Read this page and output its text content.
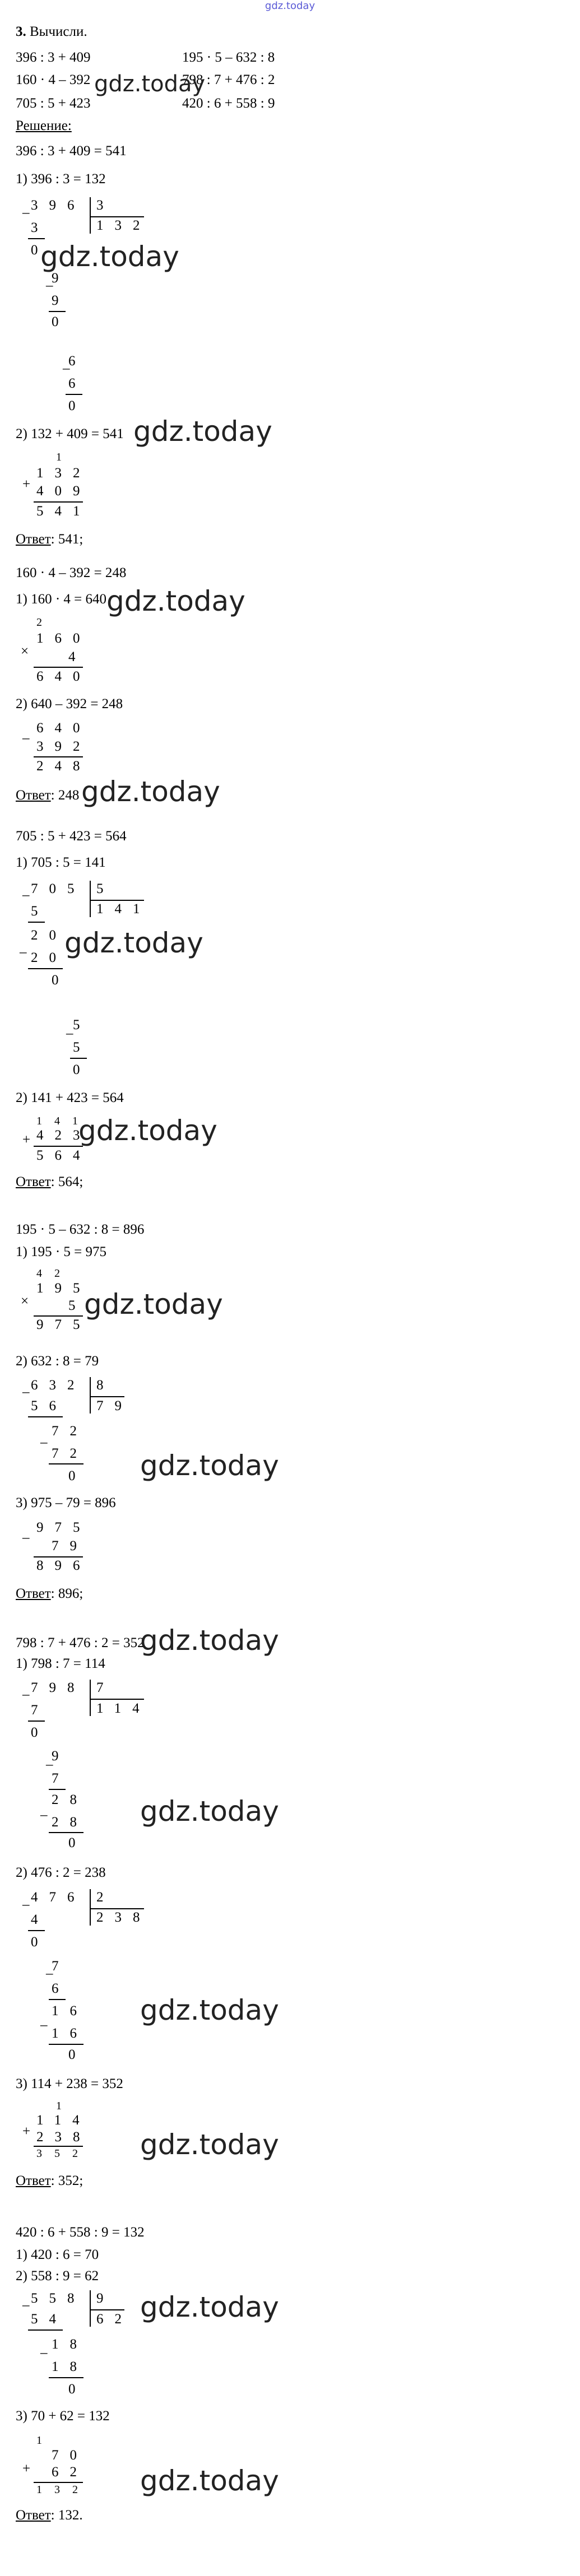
gdz.today
3. Вычисли.
396 : 3 + 409	195 · 5 – 632 : 8
160 · 4 – 392	798 : 7 + 476 : 2
705 : 5 + 423	420 : 6 + 558 : 9
gdz.today
Решение:
396 : 3 + 409 = 541
1) 396 : 3 = 132
– 396 3
132
3
0
–
9
9
0
–
6
6
0
gdz.today
2) 132 + 409 = 541 gdz.today
1
132
+ 409
541
Ответ: 541;
160 · 4 – 392 = 248
1) 160 · 4 = 640 gdz.today
2
160
×	4
640
2) 640 – 392 = 248
640
–
392
248
Ответ: 248 gdz.today
705 : 5 + 423 = 564
1) 705 : 5 = 141
– 705 5
141
5
–
20
20
0
–
5
5
0
gdz.today
2) 141 + 423 = 564
141
+ 423
564
gdz.today
Ответ: 564;
195 · 5 – 632 : 8 = 896
1) 195 · 5 = 975
42
195
×	5
975
gdz.today
2) 632 : 8 = 79
– 632 8
79
56
–
72
72
0 gdz.today
3) 975 – 79 = 896
975
–
79
896
Ответ: 896;
798 : 7 + 476 : 2 = 352
gdz.today
1) 798 : 7 = 114
– 798 7
114
7
0
–
9
7
–
28
28
0
gdz.today
2) 476 : 2 = 238
– 476 2
238
4
0
–
7
6
–
16
16
0
gdz.today
3) 114 + 238 = 352
1
114
+ 238
352 gdz.today
Ответ: 352;
420 : 6 + 558 : 9 = 132
1) 420 : 6 = 70
2) 558 : 9 = 62
– 558 9
62
54
–
18
18
0
gdz.today
3) 70 + 62 = 132
1
70
+ 62
132 gdz.today
Ответ: 132.
